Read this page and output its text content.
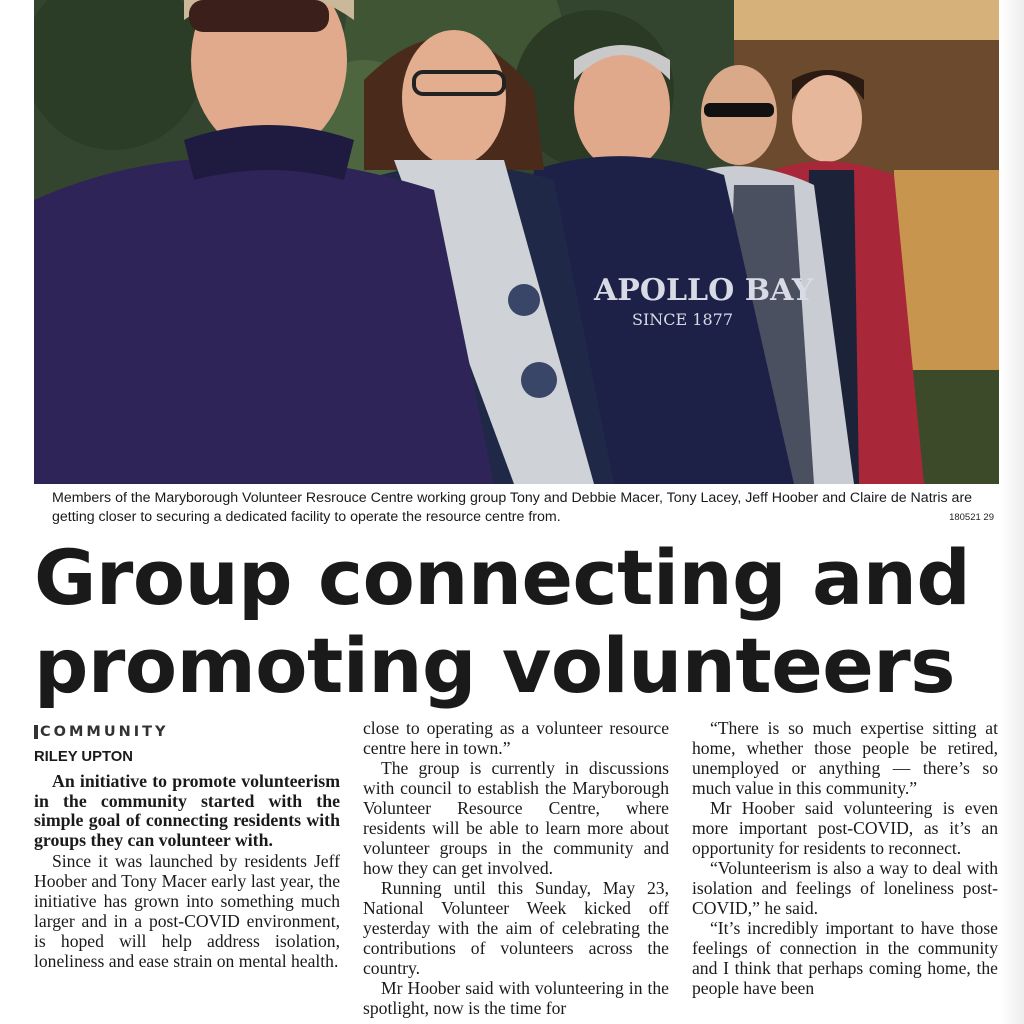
APOLLO BAY
SINCE 1877
Members of the Maryborough Volunteer Resrouce Centre working group Tony and Debbie Macer, Tony Lacey, Jeff Hoober and Claire de Natris are getting closer to securing a dedicated facility to operate the resource centre from.	180521 29
Group connecting and
promoting volunteers
COMMUNITY
RILEY UPTON

An initiative to promote volunteerism in the community started with the simple goal of connecting residents with groups they can volunteer with.

Since it was launched by residents Jeff Hoober and Tony Macer early last year, the initiative has grown into something much larger and in a post-COVID environment, is hoped will help address isolation, loneliness and ease strain on mental health.

close to operating as a volunteer resource centre here in town.”

The group is currently in discussions with council to establish the Maryborough Volunteer Resource Centre, where residents will be able to learn more about volunteer groups in the community and how they can get involved.

Running until this Sunday, May 23, National Volunteer Week kicked off yesterday with the aim of celebrating the contributions of volunteers across the country.

Mr Hoober said with volunteering in the spotlight, now is the time for

“There is so much expertise sitting at home, whether those people be retired, unemployed or anything — there’s so much value in this community.”

Mr Hoober said volunteering is even more important post-COVID, as it’s an opportunity for residents to reconnect.

“Volunteerism is also a way to deal with isolation and feelings of loneliness post-COVID,” he said.

“It’s incredibly important to have those feelings of connection in the community and I think that perhaps coming home, the people have been
